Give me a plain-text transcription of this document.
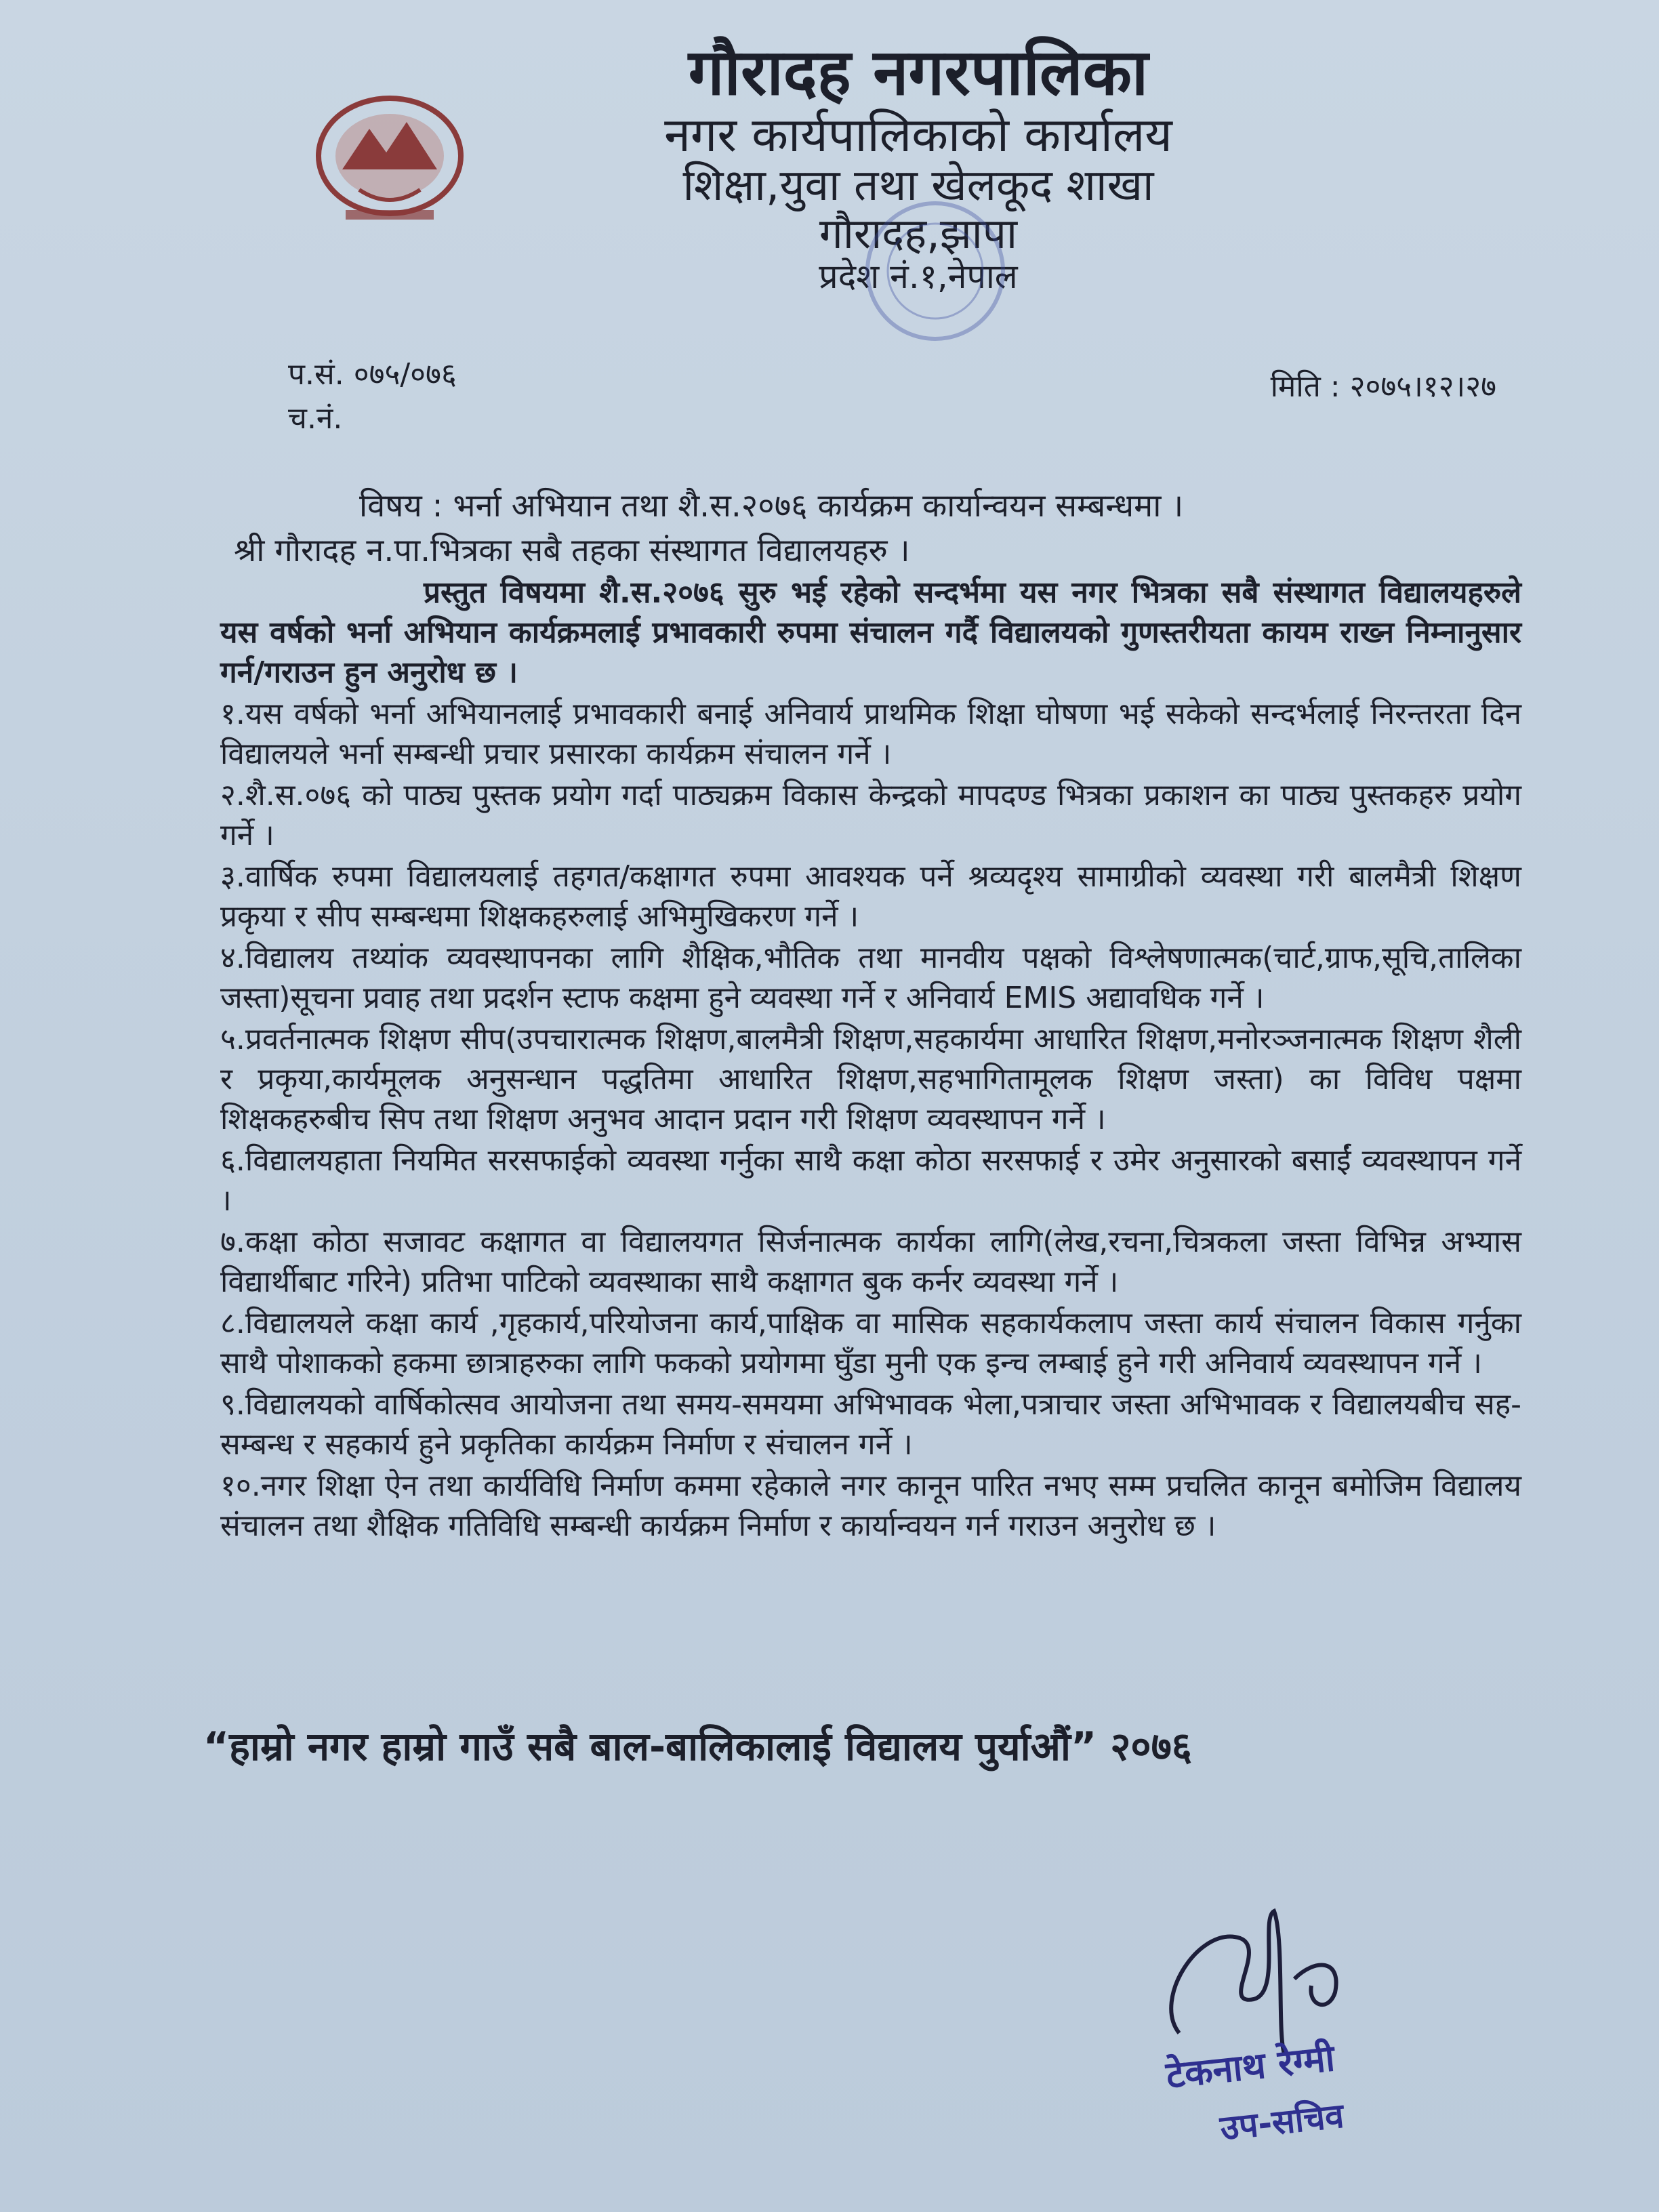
गौरादह नगरपालिका
नगर कार्यपालिकाको कार्यालय
शिक्षा,युवा तथा खेलकूद शाखा
गौरादह,झापा
प्रदेश नं.१,नेपाल
प.सं. ०७५/०७६
च.नं.
मिति : २०७५।१२।२७
विषय : भर्ना अभियान तथा शै.स.२०७६ कार्यक्रम कार्यान्वयन सम्बन्धमा ।
श्री गौरादह न.पा.भित्रका सबै तहका संस्थागत विद्यालयहरु ।

प्रस्तुत विषयमा शै.स.२०७६ सुरु भई रहेको सन्दर्भमा यस नगर भित्रका सबै संस्थागत विद्यालयहरुले यस वर्षको भर्ना अभियान कार्यक्रमलाई प्रभावकारी रुपमा संचालन गर्दै विद्यालयको गुणस्तरीयता कायम राख्न निम्नानुसार गर्न/गराउन हुन अनुरोध छ ।

१.यस वर्षको भर्ना अभियानलाई प्रभावकारी बनाई अनिवार्य प्राथमिक शिक्षा घोषणा भई सकेको सन्दर्भलाई निरन्तरता दिन विद्यालयले भर्ना सम्बन्धी प्रचार प्रसारका कार्यक्रम संचालन गर्ने ।

२.शै.स.०७६ को पाठ्य पुस्तक प्रयोग गर्दा पाठ्यक्रम विकास केन्द्रको मापदण्ड भित्रका प्रकाशन का पाठ्य पुस्तकहरु प्रयोग गर्ने ।

३.वार्षिक रुपमा विद्यालयलाई तहगत/कक्षागत रुपमा आवश्यक पर्ने श्रव्यदृश्य सामाग्रीको व्यवस्था गरी बालमैत्री शिक्षण प्रकृया र सीप सम्बन्धमा शिक्षकहरुलाई अभिमुखिकरण गर्ने ।

४.विद्यालय तथ्यांक व्यवस्थापनका लागि शैक्षिक,भौतिक तथा मानवीय पक्षको विश्लेषणात्मक(चार्ट,ग्राफ,सूचि,तालिका जस्ता)सूचना प्रवाह तथा प्रदर्शन स्टाफ कक्षमा हुने व्यवस्था गर्ने र अनिवार्य EMIS अद्यावधिक गर्ने ।

५.प्रवर्तनात्मक शिक्षण सीप(उपचारात्मक शिक्षण,बालमैत्री शिक्षण,सहकार्यमा आधारित शिक्षण,मनोरञ्जनात्मक शिक्षण शैली र प्रकृया,कार्यमूलक अनुसन्धान पद्धतिमा आधारित शिक्षण,सहभागितामूलक शिक्षण जस्ता) का विविध पक्षमा शिक्षकहरुबीच सिप तथा शिक्षण अनुभव आदान प्रदान गरी शिक्षण व्यवस्थापन गर्ने ।

६.विद्यालयहाता नियमित सरसफाईको व्यवस्था गर्नुका साथै कक्षा कोठा सरसफाई र उमेर अनुसारको बसाईं व्यवस्थापन गर्ने ।

७.कक्षा कोठा सजावट कक्षागत वा विद्यालयगत सिर्जनात्मक कार्यका लागि(लेख,रचना,चित्रकला जस्ता विभिन्न अभ्यास विद्यार्थीबाट गरिने) प्रतिभा पाटिको व्यवस्थाका साथै कक्षागत बुक कर्नर व्यवस्था गर्ने ।

८.विद्यालयले कक्षा कार्य ,गृहकार्य,परियोजना कार्य,पाक्षिक वा मासिक सहकार्यकलाप जस्ता कार्य संचालन विकास गर्नुका साथै पोशाकको हकमा छात्राहरुका लागि फकको प्रयोगमा घुँडा मुनी एक इन्च लम्बाई हुने गरी अनिवार्य व्यवस्थापन गर्ने ।

९.विद्यालयको वार्षिकोत्सव आयोजना तथा समय-समयमा अभिभावक भेला,पत्राचार जस्ता अभिभावक र विद्यालयबीच सह-सम्बन्ध र सहकार्य हुने प्रकृतिका कार्यक्रम निर्माण र संचालन गर्ने ।

१०.नगर शिक्षा ऐन तथा कार्यविधि निर्माण कममा रहेकाले नगर कानून पारित नभए सम्म प्रचलित कानून बमोजिम विद्यालय संचालन तथा शैक्षिक गतिविधि सम्बन्धी कार्यक्रम निर्माण र कार्यान्वयन गर्न गराउन अनुरोध छ ।

“हाम्रो नगर हाम्रो गाउँ सबै बाल-बालिकालाई विद्यालय पुर्याऔं” २०७६
टेकनाथ रेग्मी
उप-सचिव
